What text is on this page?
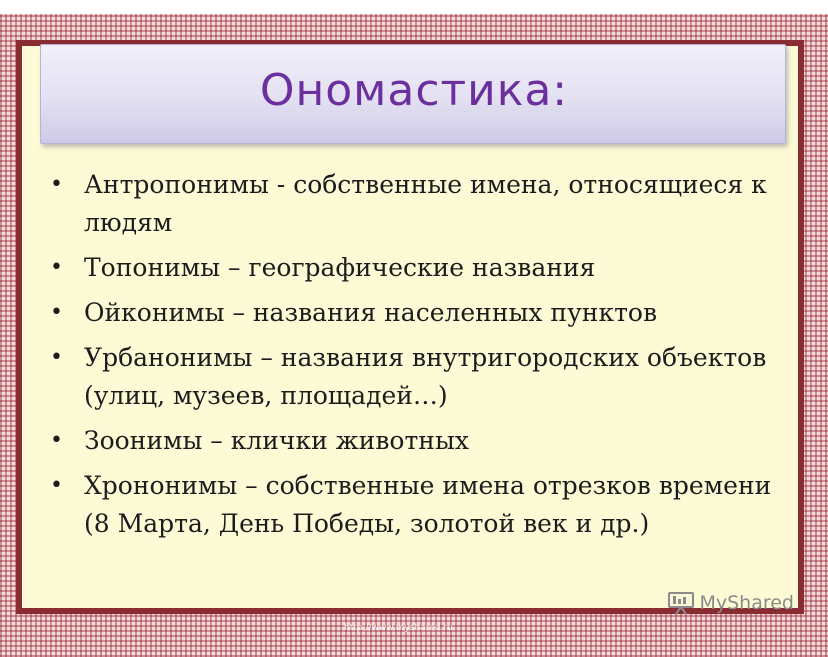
Ономастика:
• Антропонимы - собственные имена, относящиеся к людям
• Топонимы – географические названия
• Ойконимы – названия населенных пунктов
• Урбанонимы – названия внутригородских объектов (улиц, музеев, площадей…)
• Зоонимы – клички животных
• Хрононимы – собственные имена отрезков времени (8 Марта, День Победы, золотой век и др.)
MyShared
http://www.myshared.ru
